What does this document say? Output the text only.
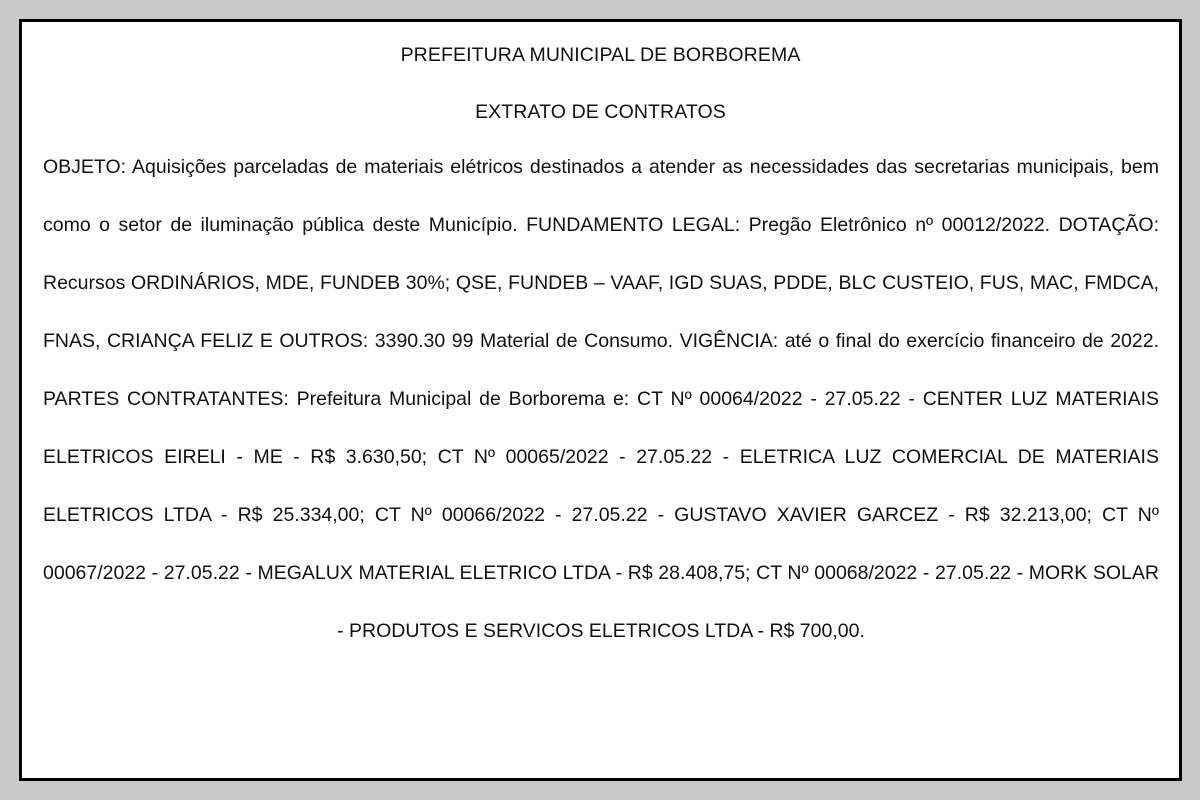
PREFEITURA MUNICIPAL DE BORBOREMA
EXTRATO DE CONTRATOS

OBJETO: Aquisições parceladas de materiais elétricos destinados a atender as necessidades das secretarias municipais, bem como o setor de iluminação pública deste Município. FUNDAMENTO LEGAL: Pregão Eletrônico nº 00012/2022. DOTAÇÃO: Recursos ORDINÁRIOS, MDE, FUNDEB 30%; QSE, FUNDEB – VAAF, IGD SUAS, PDDE, BLC CUSTEIO, FUS, MAC, FMDCA, FNAS, CRIANÇA FELIZ E OUTROS: 3390.30 99 Material de Consumo. VIGÊNCIA: até o final do exercício financeiro de 2022. PARTES CONTRATANTES: Prefeitura Municipal de Borborema e: CT Nº 00064/2022 - 27.05.22 - CENTER LUZ MATERIAIS ELETRICOS EIRELI - ME - R$ 3.630,50; CT Nº 00065/2022 - 27.05.22 - ELETRICA LUZ COMERCIAL DE MATERIAIS ELETRICOS LTDA - R$ 25.334,00; CT Nº 00066/2022 - 27.05.22 - GUSTAVO XAVIER GARCEZ - R$ 32.213,00; CT Nº 00067/2022 - 27.05.22 - MEGALUX MATERIAL ELETRICO LTDA - R$ 28.408,75; CT Nº 00068/2022 - 27.05.22 - MORK SOLAR - PRODUTOS E SERVICOS ELETRICOS LTDA - R$ 700,00.
